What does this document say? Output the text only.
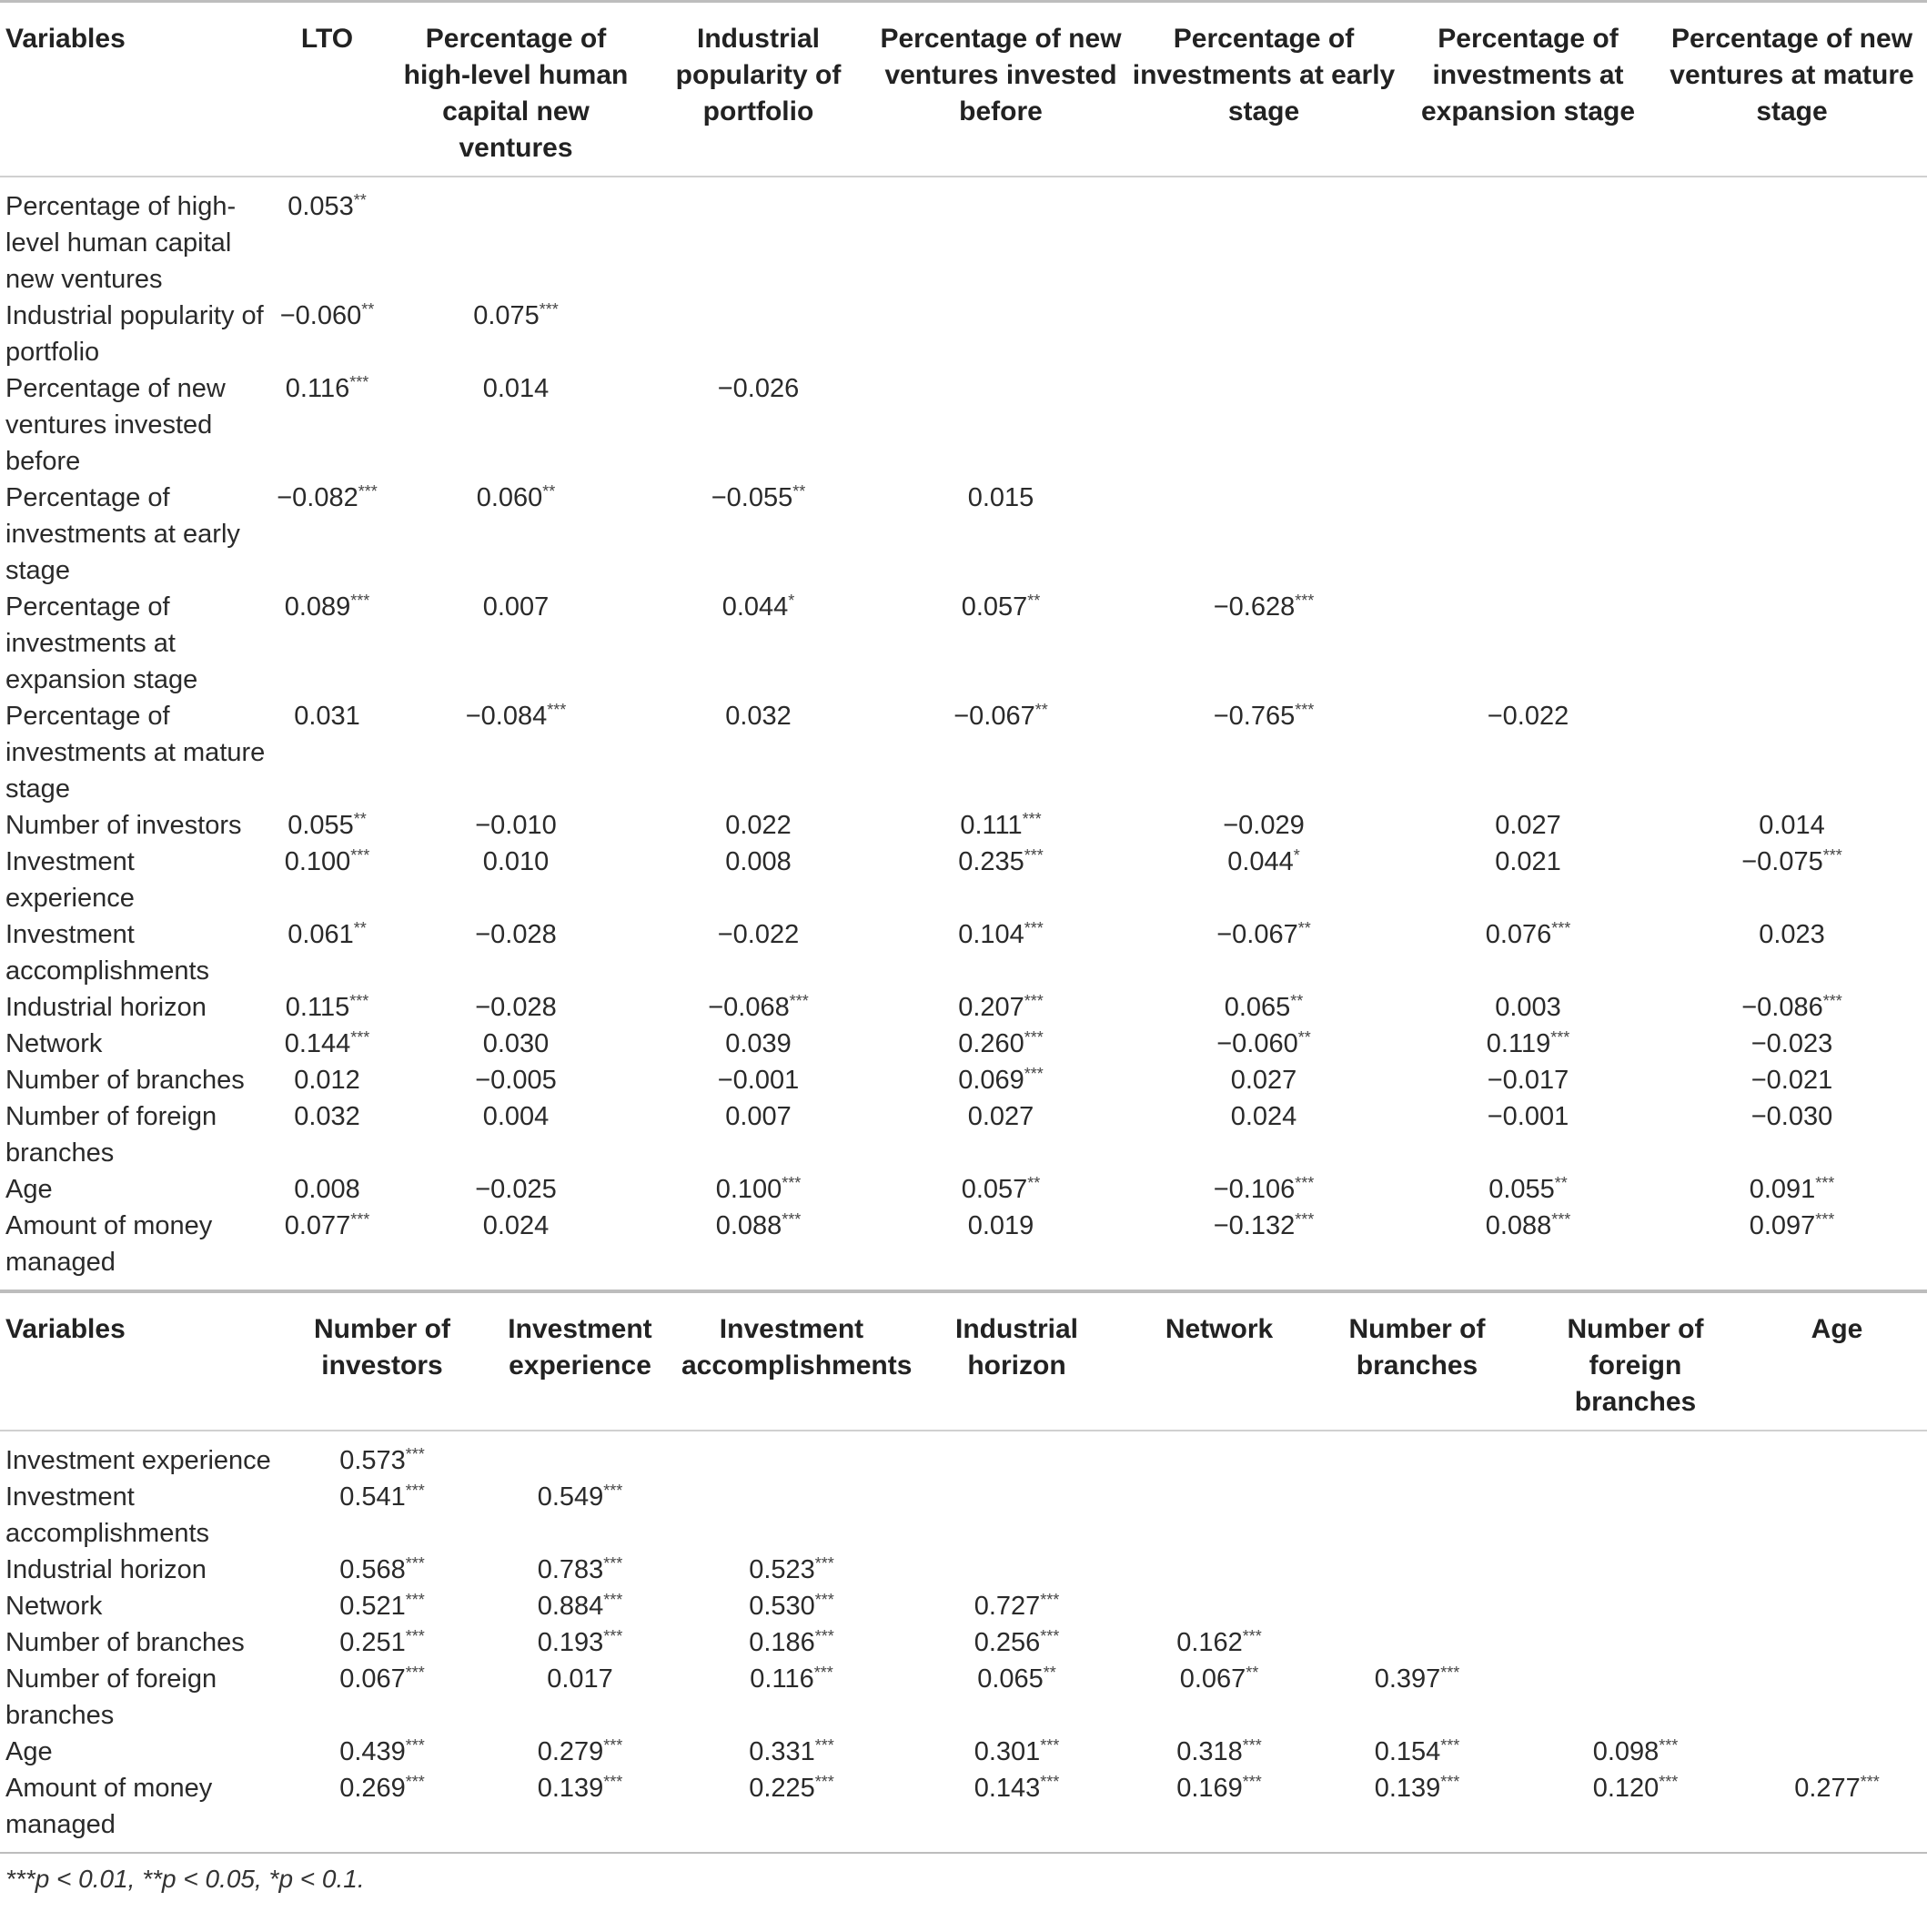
Variables	LTO	Percentage of high-level human capital new ventures	Industrial popularity of portfolio	Percentage of new ventures invested before	Percentage of investments at early stage	Percentage of investments at expansion stage	Percentage of new ventures at mature stage
Percentage of high-level human capital new ventures	0.053**						
Industrial popularity of portfolio	−0.060**	0.075***					
Percentage of new ventures invested before	0.116***	0.014	−0.026				
Percentage of investments at early stage	−0.082***	0.060**	−0.055**	0.015			
Percentage of investments at expansion stage	0.089***	0.007	0.044*	0.057**	−0.628***		
Percentage of investments at mature stage	0.031	−0.084***	0.032	−0.067**	−0.765***	−0.022	
Number of investors	0.055**	−0.010	0.022	0.111***	−0.029	0.027	0.014
Investment experience	0.100***	0.010	0.008	0.235***	0.044*	0.021	−0.075***
Investment accomplishments	0.061**	−0.028	−0.022	0.104***	−0.067**	0.076***	0.023
Industrial horizon	0.115***	−0.028	−0.068***	0.207***	0.065**	0.003	−0.086***
Network	0.144***	0.030	0.039	0.260***	−0.060**	0.119***	−0.023
Number of branches	0.012	−0.005	−0.001	0.069***	0.027	−0.017	−0.021
Number of foreign branches	0.032	0.004	0.007	0.027	0.024	−0.001	−0.030
Age	0.008	−0.025	0.100***	0.057**	−0.106***	0.055**	0.091***
Amount of money managed	0.077***	0.024	0.088***	0.019	−0.132***	0.088***	0.097***
Variables	Number of investors	Investment experience	Investment accomplishments	Industrial horizon	Network	Number of branches	Number of foreign branches	Age
Investment experience	0.573***							
Investment accomplishments	0.541***	0.549***						
Industrial horizon	0.568***	0.783***	0.523***					
Network	0.521***	0.884***	0.530***	0.727***				
Number of branches	0.251***	0.193***	0.186***	0.256***	0.162***			
Number of foreign branches	0.067***	0.017	0.116***	0.065**	0.067**	0.397***		
Age	0.439***	0.279***	0.331***	0.301***	0.318***	0.154***	0.098***	
Amount of money managed	0.269***	0.139***	0.225***	0.143***	0.169***	0.139***	0.120***	0.277***
***p < 0.01, **p < 0.05, *p < 0.1.
